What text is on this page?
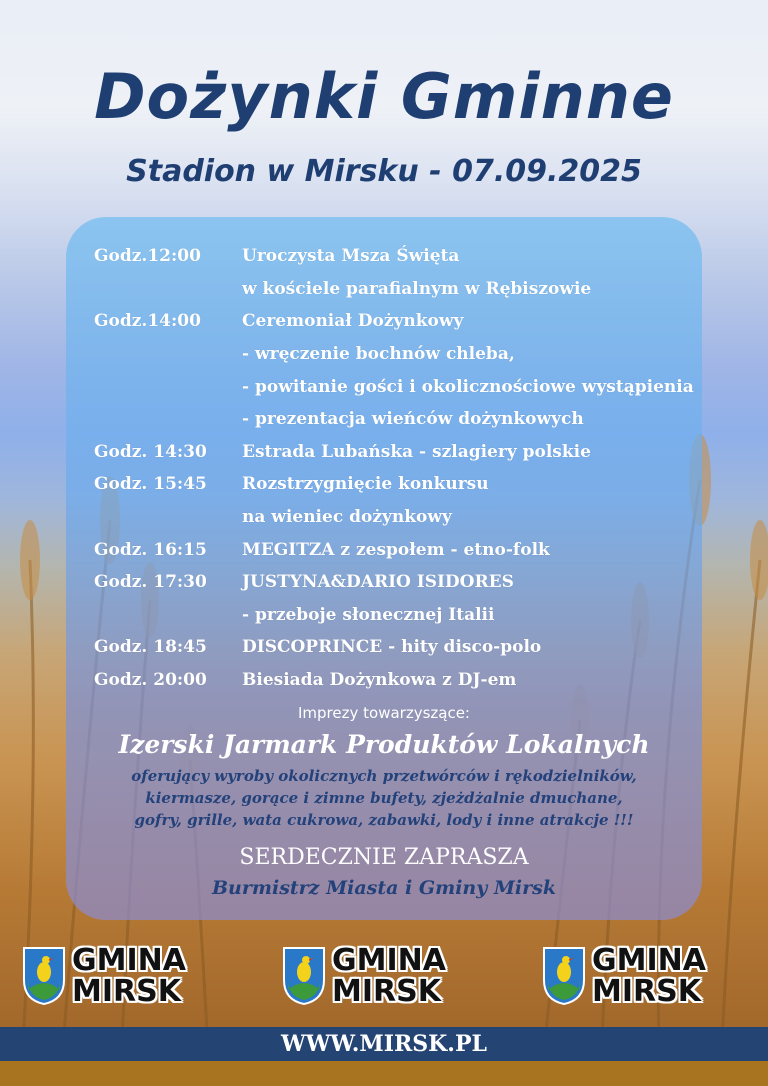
Dożynki Gminne
Stadion w Mirsku - 07.09.2025
Godz.12:00	Uroczysta Msza Święta
w kościele parafialnym w Rębiszowie
Godz.14:00	Ceremoniał Dożynkowy
- wręczenie bochnów chleba,
- powitanie gości i okolicznościowe wystąpienia
- prezentacja wieńców dożynkowych
Godz. 14:30	Estrada Lubańska - szlagiery polskie
Godz. 15:45	Rozstrzygnięcie konkursu
na wieniec dożynkowy
Godz. 16:15	MEGITZA z zespołem - etno-folk
Godz. 17:30	JUSTYNA&DARIO ISIDORES
- przeboje słonecznej Italii
Godz. 18:45	DISCOPRINCE - hity disco-polo
Godz. 20:00	Biesiada Dożynkowa z DJ-em
Imprezy towarzyszące:
Izerski Jarmark Produktów Lokalnych
oferujący wyroby okolicznych przetwórców i rękodzielników,
kiermasze, gorące i zimne bufety, zjeżdżalnie dmuchane,
gofry, grille, wata cukrowa, zabawki, lody i inne atrakcje !!!
SERDECZNIE ZAPRASZA
Burmistrz Miasta i Gminy Mirsk
GMINA
MIRSK
GMINA
MIRSK
GMINA
MIRSK
WWW.MIRSK.PL
